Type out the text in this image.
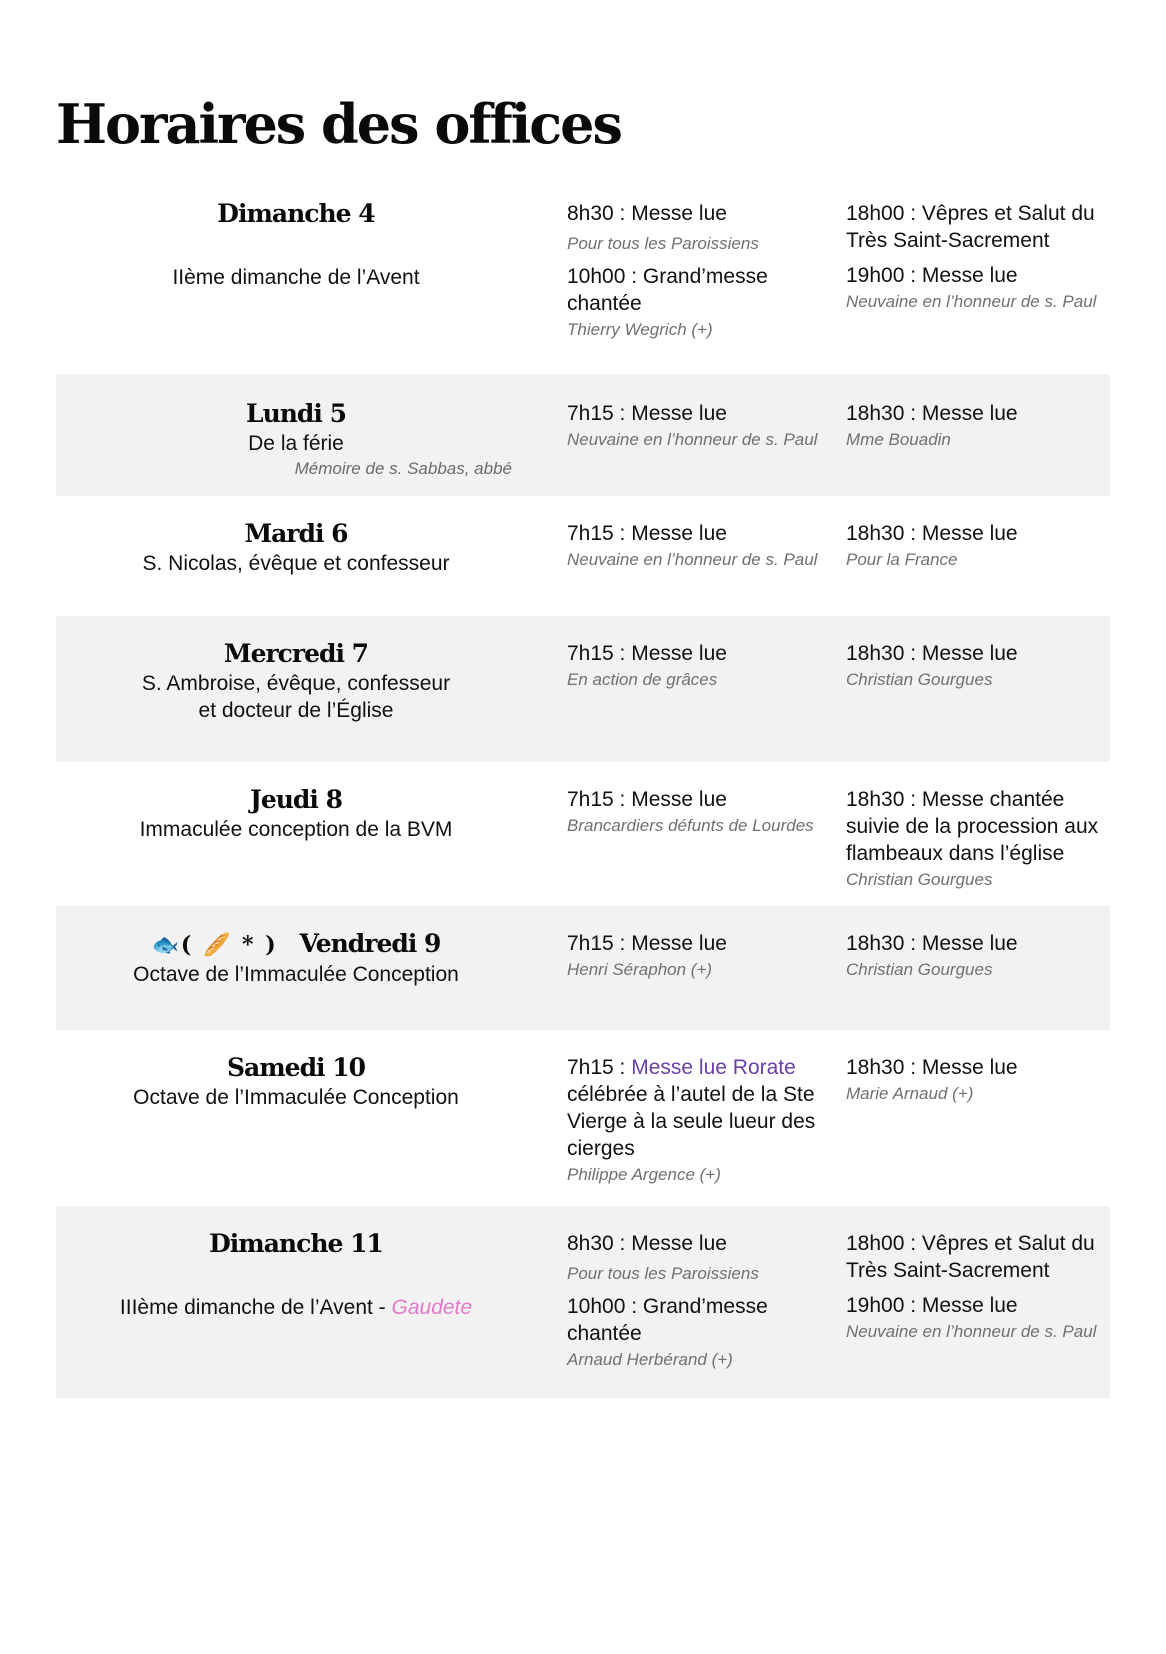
Horaires des offices
Dimanche 4
IIème dimanche de l’Avent
8h30 : Messe lue
Pour tous les Paroissiens
10h00 : Grand’messe chantée
Thierry Wegrich (+)
18h00 : Vêpres et Salut du Très Saint-Sacrement
19h00 : Messe lue
Neuvaine en l’honneur de s. Paul
Lundi 5
De la férie
Mémoire de s. Sabbas, abbé
7h15 : Messe lue
Neuvaine en l’honneur de s. Paul
18h30 : Messe lue
Mme Bouadin
Mardi 6
S. Nicolas, évêque et confesseur
7h15 : Messe lue
Neuvaine en l’honneur de s. Paul
18h30 : Messe lue
Pour la France
Mercredi 7
S. Ambroise, évêque, confesseur
et docteur de l’Église
7h15 : Messe lue
En action de grâces
18h30 : Messe lue
Christian Gourgues
Jeudi 8
Immaculée conception de la BVM
7h15 : Messe lue
Brancardiers défunts de Lourdes
18h30 : Messe chantée suivie de la procession aux flambeaux dans l’église
Christian Gourgues
🐟( 🥖 * ) Vendredi 9
Octave de l’Immaculée Conception
7h15 : Messe lue
Henri Séraphon (+)
18h30 : Messe lue
Christian Gourgues
Samedi 10
Octave de l’Immaculée Conception
7h15 : Messe lue Rorate célébrée à l’autel de la Ste Vierge à la seule lueur des cierges
Philippe Argence (+)
18h30 : Messe lue
Marie Arnaud (+)
Dimanche 11
IIIème dimanche de l’Avent - Gaudete
8h30 : Messe lue
Pour tous les Paroissiens
10h00 : Grand’messe chantée
Arnaud Herbérand (+)
18h00 : Vêpres et Salut du Très Saint-Sacrement
19h00 : Messe lue
Neuvaine en l’honneur de s. Paul
